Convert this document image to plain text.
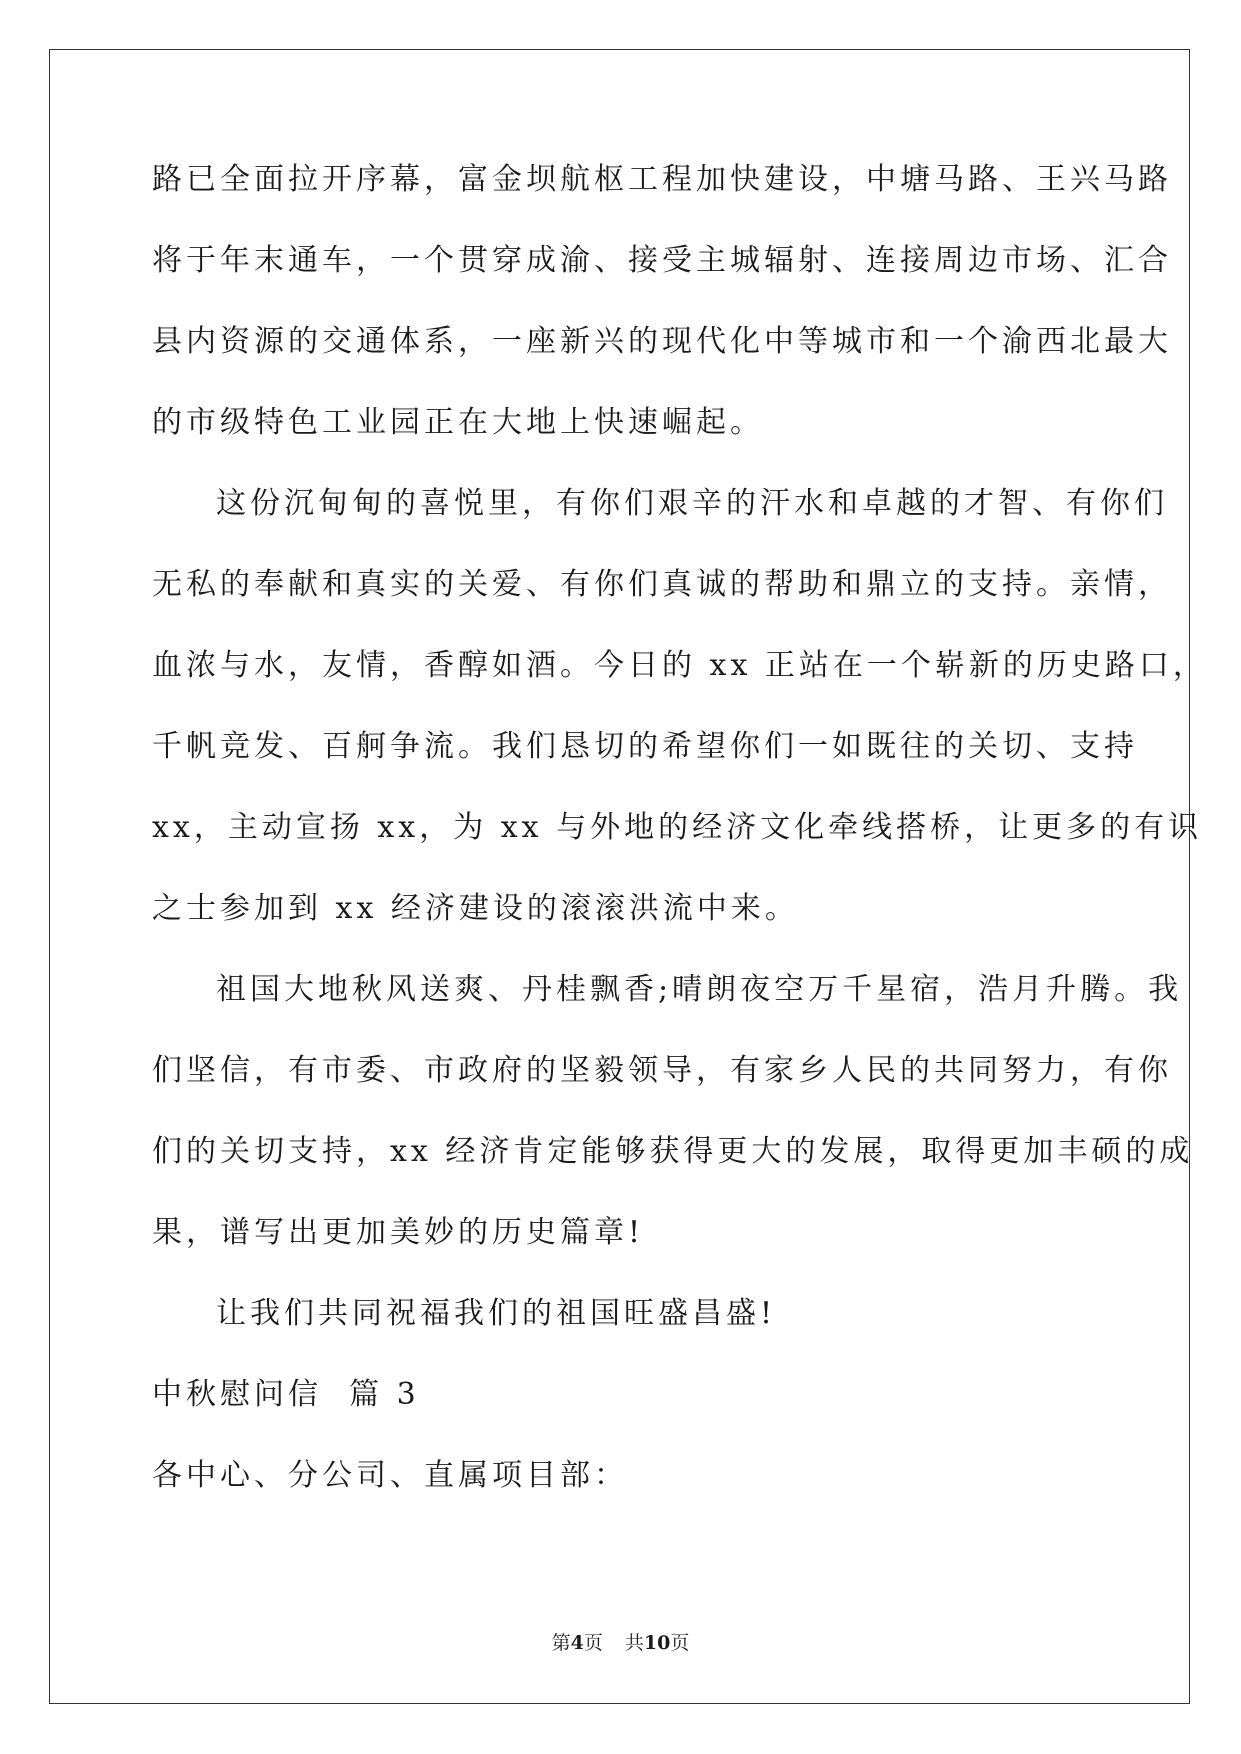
路已全面拉开序幕，富金坝航枢工程加快建设，中塘马路、王兴马路
将于年末通车，一个贯穿成渝、接受主城辐射、连接周边市场、汇合
县内资源的交通体系，一座新兴的现代化中等城市和一个渝西北最大
的市级特色工业园正在大地上快速崛起。
这份沉甸甸的喜悦里，有你们艰辛的汗水和卓越的才智、有你们
无私的奉献和真实的关爱、有你们真诚的帮助和鼎立的支持。亲情，
血浓与水，友情，香醇如酒。今日的 xx 正站在一个崭新的历史路口，
千帆竞发、百舸争流。我们恳切的希望你们一如既往的关切、支持
xx，主动宣扬 xx，为 xx 与外地的经济文化牵线搭桥，让更多的有识
之士参加到 xx 经济建设的滚滚洪流中来。
祖国大地秋风送爽、丹桂飘香;晴朗夜空万千星宿，浩月升腾。我
们坚信，有市委、市政府的坚毅领导，有家乡人民的共同努力，有你
们的关切支持，xx 经济肯定能够获得更大的发展，取得更加丰硕的成
果，谱写出更加美妙的历史篇章!
让我们共同祝福我们的祖国旺盛昌盛!
中秋慰问信  篇 3
各中心、分公司、直属项目部：
第4页 共10页
